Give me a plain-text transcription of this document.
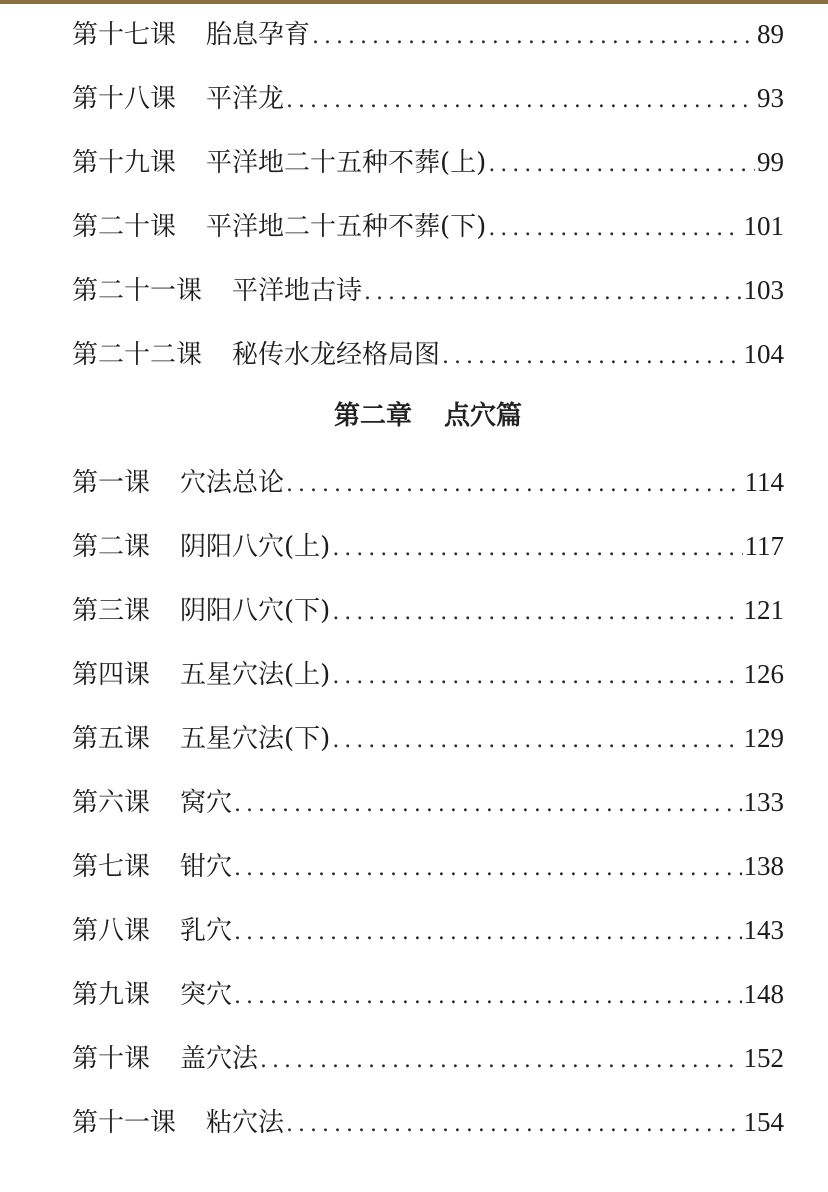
第十七课 胎息孕育 .....	89
第十八课 平洋龙 .....	93
第十九课 平洋地二十五种不葬(上) .....	99
第二十课 平洋地二十五种不葬(下) .....	101
第二十一课 平洋地古诗 .....	103
第二十二课 秘传水龙经格局图 .....	104
第二章 点穴篇
第一课 穴法总论 .....	114
第二课 阴阳八穴(上) .....	117
第三课 阴阳八穴(下) .....	121
第四课 五星穴法(上) .....	126
第五课 五星穴法(下) .....	129
第六课 窝穴 .....	133
第七课 钳穴 .....	138
第八课 乳穴 .....	143
第九课 突穴 .....	148
第十课 盖穴法 .....	152
第十一课 粘穴法 .....	154
